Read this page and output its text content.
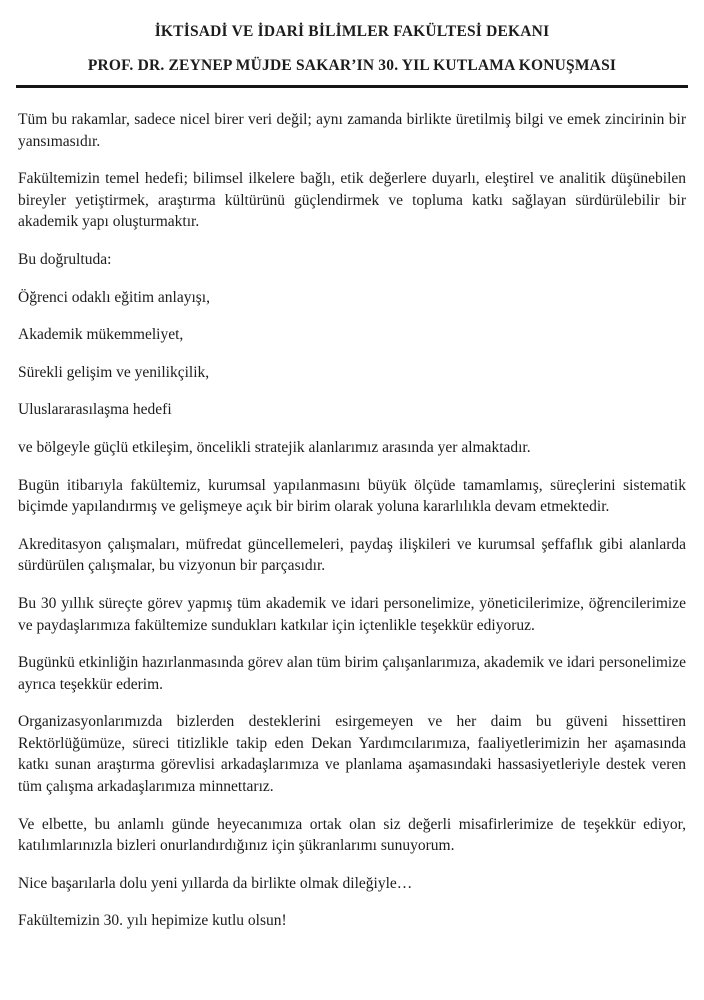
İKTİSADİ VE İDARİ BİLİMLER FAKÜLTESİ DEKANI
PROF. DR. ZEYNEP MÜJDE SAKAR’IN 30. YIL KUTLAMA KONUŞMASI

Tüm bu rakamlar, sadece nicel birer veri değil; aynı zamanda birlikte üretilmiş bilgi ve emek zincirinin bir yansımasıdır.

Fakültemizin temel hedefi; bilimsel ilkelere bağlı, etik değerlere duyarlı, eleştirel ve analitik düşünebilen bireyler yetiştirmek, araştırma kültürünü güçlendirmek ve topluma katkı sağlayan sürdürülebilir bir akademik yapı oluşturmaktır.

Bu doğrultuda:

Öğrenci odaklı eğitim anlayışı,

Akademik mükemmeliyet,

Sürekli gelişim ve yenilikçilik,

Uluslararasılaşma hedefi

ve bölgeyle güçlü etkileşim, öncelikli stratejik alanlarımız arasında yer almaktadır.

Bugün itibarıyla fakültemiz, kurumsal yapılanmasını büyük ölçüde tamamlamış, süreçlerini sistematik biçimde yapılandırmış ve gelişmeye açık bir birim olarak yoluna kararlılıkla devam etmektedir.

Akreditasyon çalışmaları, müfredat güncellemeleri, paydaş ilişkileri ve kurumsal şeffaflık gibi alanlarda sürdürülen çalışmalar, bu vizyonun bir parçasıdır.

Bu 30 yıllık süreçte görev yapmış tüm akademik ve idari personelimize, yöneticilerimize, öğrencilerimize ve paydaşlarımıza fakültemize sundukları katkılar için içtenlikle teşekkür ediyoruz.

Bugünkü etkinliğin hazırlanmasında görev alan tüm birim çalışanlarımıza, akademik ve idari personelimize ayrıca teşekkür ederim.

Organizasyonlarımızda bizlerden desteklerini esirgemeyen ve her daim bu güveni hissettiren Rektörlüğümüze, süreci titizlikle takip eden Dekan Yardımcılarımıza, faaliyetlerimizin her aşamasında katkı sunan araştırma görevlisi arkadaşlarımıza ve planlama aşamasındaki hassasiyetleriyle destek veren tüm çalışma arkadaşlarımıza minnettarız.

Ve elbette, bu anlamlı günde heyecanımıza ortak olan siz değerli misafirlerimize de teşekkür ediyor, katılımlarınızla bizleri onurlandırdığınız için şükranlarımı sunuyorum.

Nice başarılarla dolu yeni yıllarda da birlikte olmak dileğiyle…

Fakültemizin 30. yılı hepimize kutlu olsun!
